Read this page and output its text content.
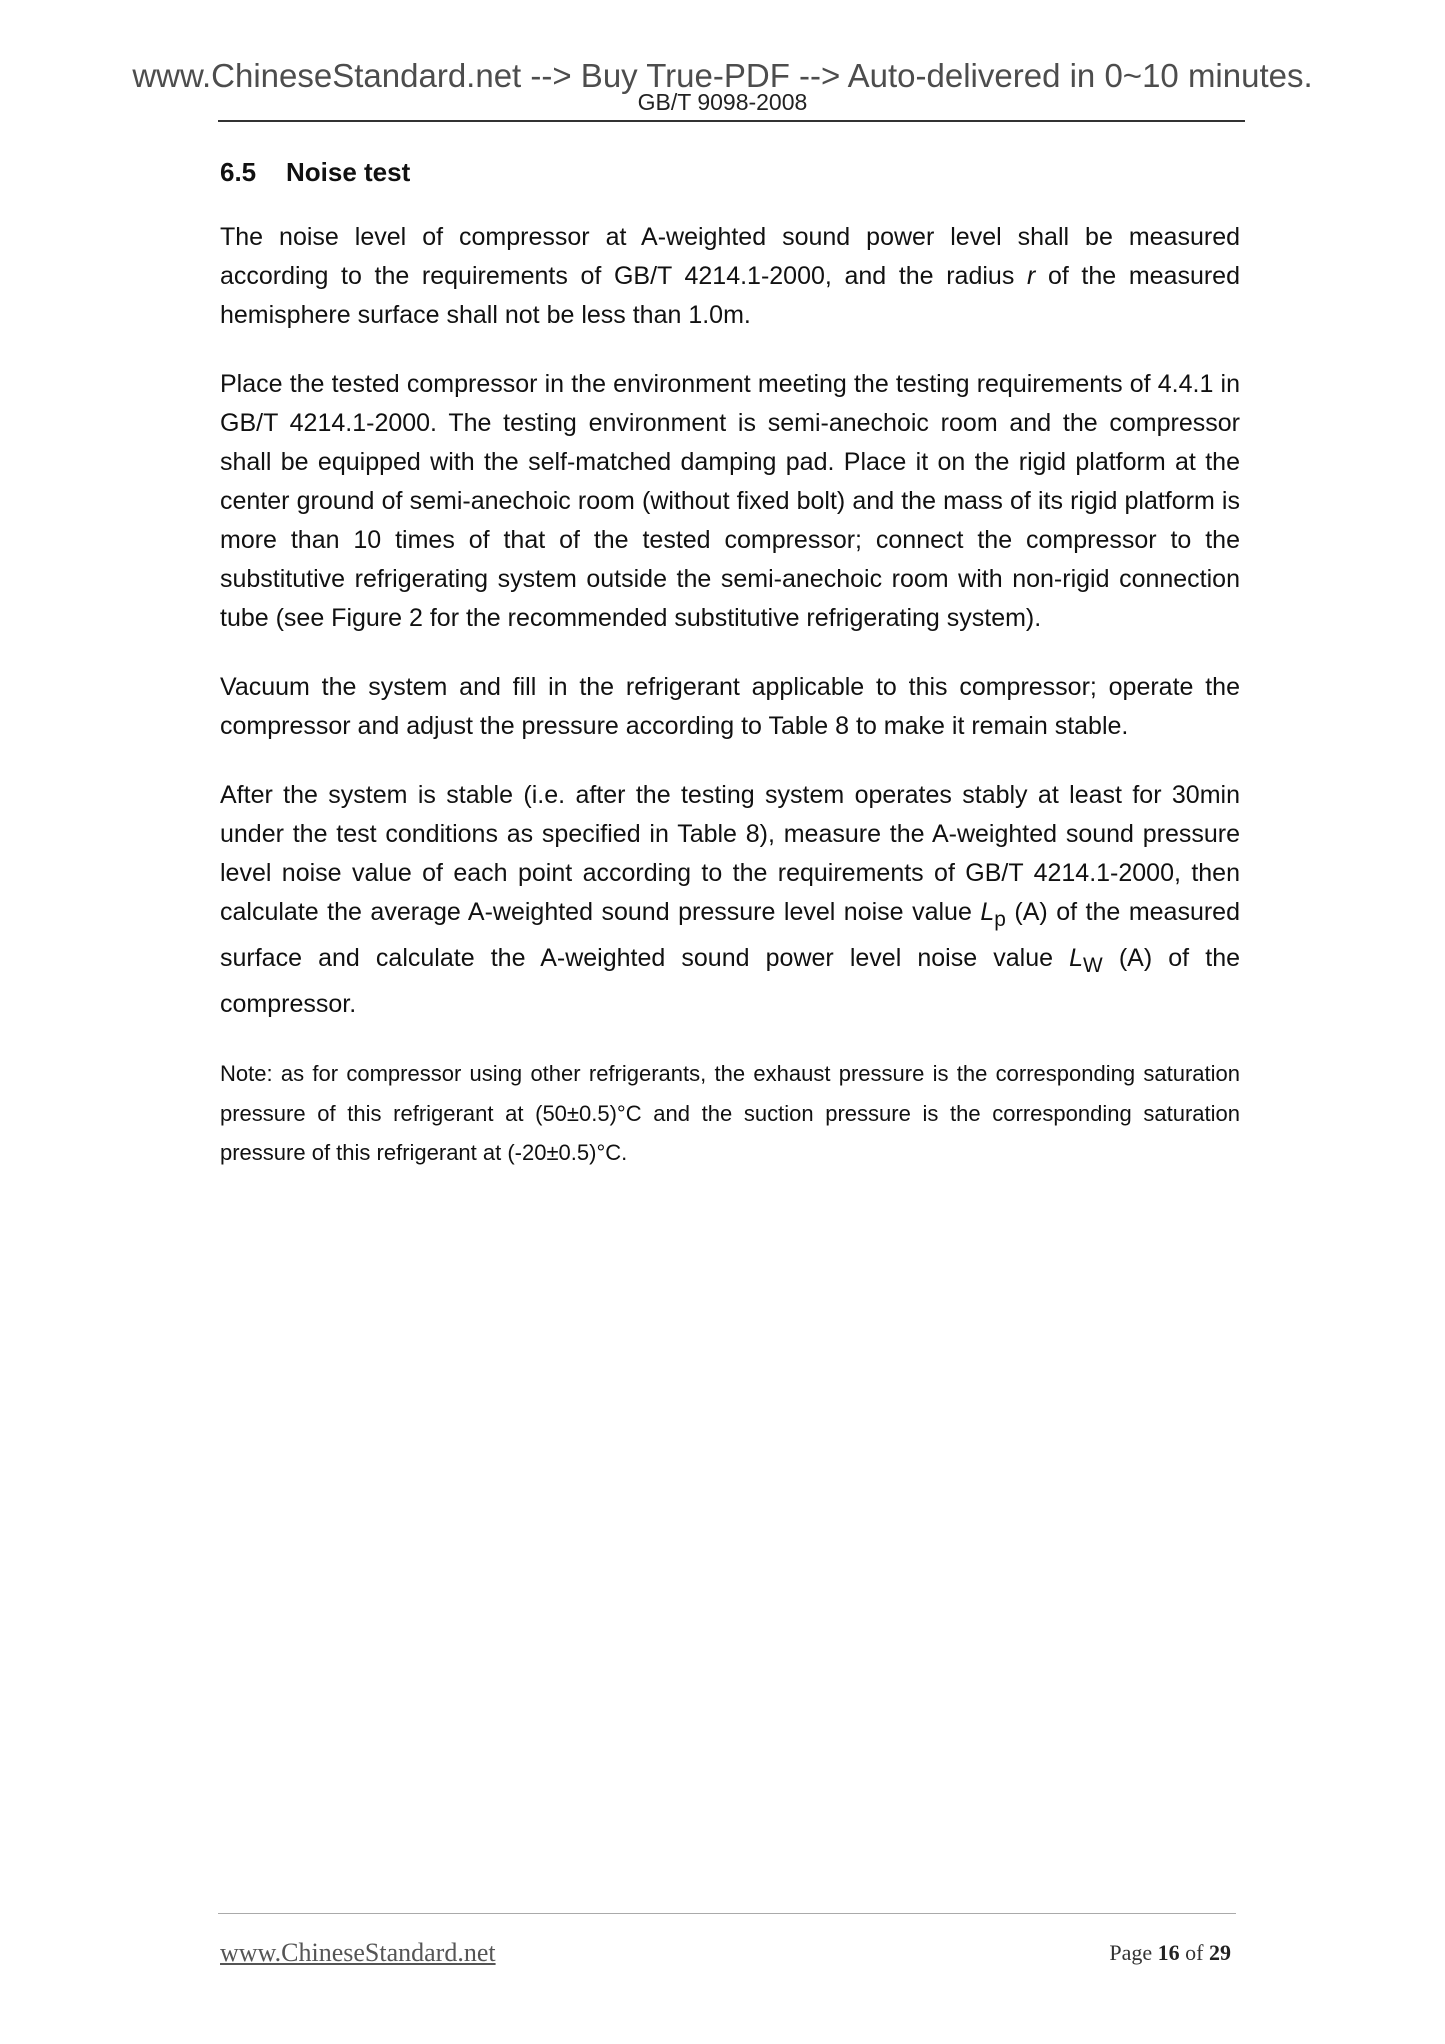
www.ChineseStandard.net --> Buy True-PDF --> Auto-delivered in 0~10 minutes.
GB/T 9098-2008
6.5 Noise test

The noise level of compressor at A-weighted sound power level shall be measured according to the requirements of GB/T 4214.1-2000, and the radius r of the measured hemisphere surface shall not be less than 1.0m.

Place the tested compressor in the environment meeting the testing requirements of 4.4.1 in GB/T 4214.1-2000. The testing environment is semi-anechoic room and the compressor shall be equipped with the self-matched damping pad. Place it on the rigid platform at the center ground of semi-anechoic room (without fixed bolt) and the mass of its rigid platform is more than 10 times of that of the tested compressor; connect the compressor to the substitutive refrigerating system outside the semi-anechoic room with non-rigid connection tube (see Figure 2 for the recommended substitutive refrigerating system).

Vacuum the system and fill in the refrigerant applicable to this compressor; operate the compressor and adjust the pressure according to Table 8 to make it remain stable.

After the system is stable (i.e. after the testing system operates stably at least for 30min under the test conditions as specified in Table 8), measure the A-weighted sound pressure level noise value of each point according to the requirements of GB/T 4214.1-2000, then calculate the average A-weighted sound pressure level noise value $L_p$ (A) of the measured surface and calculate the A-weighted sound power level noise value $L_W$ (A) of the compressor.

Note: as for compressor using other refrigerants, the exhaust pressure is the corresponding saturation pressure of this refrigerant at (50±0.5)°C and the suction pressure is the corresponding saturation pressure of this refrigerant at (-20±0.5)°C.

www.ChineseStandard.net	Page 16 of 29
